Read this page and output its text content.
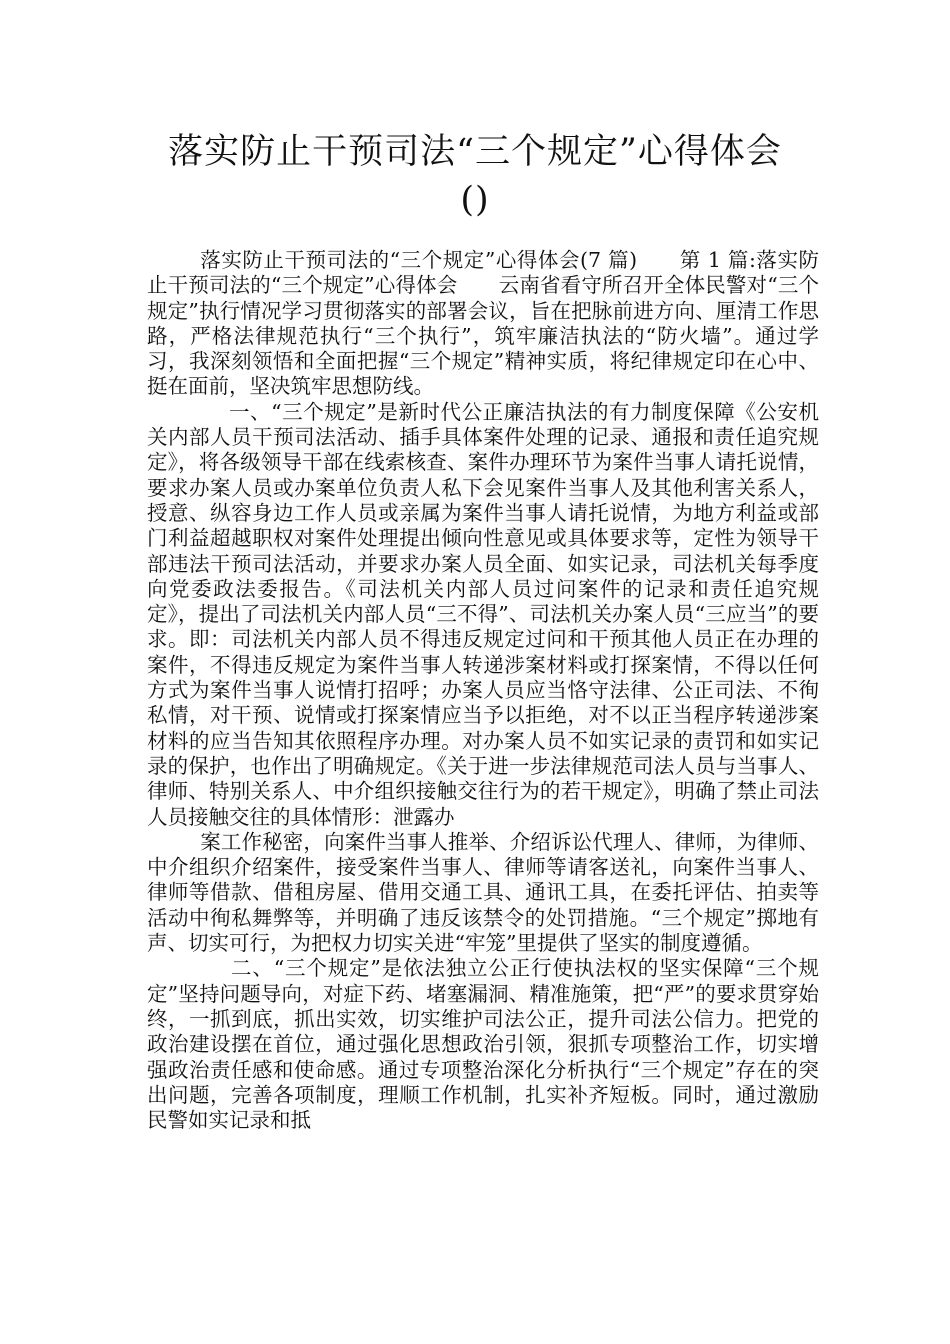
落实防止干预司法“三个规定”心得体会
()

落实防止干预司法的“三个规定”心得体会(7 篇)　　第 1 篇:落实防止干预司法的“三个规定”心得体会　　云南省看守所召开全体民警对“三个规定”执行情况学习贯彻落实的部署会议，旨在把脉前进方向、厘清工作思路，严格法律规范执行“三个执行”，筑牢廉洁执法的“防火墙”。通过学习，我深刻领悟和全面把握“三个规定”精神实质，将纪律规定印在心中、挺在面前，坚决筑牢思想防线。

一、“三个规定”是新时代公正廉洁执法的有力制度保障《公安机关内部人员干预司法活动、插手具体案件处理的记录、通报和责任追究规定》，将各级领导干部在线索核查、案件办理环节为案件当事人请托说情，要求办案人员或办案单位负责人私下会见案件当事人及其他利害关系人，授意、纵容身边工作人员或亲属为案件当事人请托说情，为地方利益或部门利益超越职权对案件处理提出倾向性意见或具体要求等，定性为领导干部违法干预司法活动，并要求办案人员全面、如实记录，司法机关每季度向党委政法委报告。《司法机关内部人员过问案件的记录和责任追究规定》，提出了司法机关内部人员“三不得”、司法机关办案人员“三应当”的要求。即：司法机关内部人员不得违反规定过问和干预其他人员正在办理的案件，不得违反规定为案件当事人转递涉案材料或打探案情，不得以任何方式为案件当事人说情打招呼；办案人员应当恪守法律、公正司法、不徇私情，对干预、说情或打探案情应当予以拒绝，对不以正当程序转递涉案材料的应当告知其依照程序办理。对办案人员不如实记录的责罚和如实记录的保护，也作出了明确规定。《关于进一步法律规范司法人员与当事人、律师、特别关系人、中介组织接触交往行为的若干规定》，明确了禁止司法人员接触交往的具体情形：泄露办

案工作秘密，向案件当事人推举、介绍诉讼代理人、律师，为律师、中介组织介绍案件，接受案件当事人、律师等请客送礼，向案件当事人、律师等借款、借租房屋、借用交通工具、通讯工具，在委托评估、拍卖等活动中徇私舞弊等，并明确了违反该禁令的处罚措施。“三个规定”掷地有声、切实可行，为把权力切实关进“牢笼”里提供了坚实的制度遵循。

二、“三个规定”是依法独立公正行使执法权的坚实保障“三个规定”坚持问题导向，对症下药、堵塞漏洞、精准施策，把“严”的要求贯穿始终，一抓到底，抓出实效，切实维护司法公正，提升司法公信力。把党的政治建设摆在首位，通过强化思想政治引领，狠抓专项整治工作，切实增强政治责任感和使命感。通过专项整治深化分析执行“三个规定”存在的突出问题，完善各项制度，理顺工作机制，扎实补齐短板。同时，通过激励民警如实记录和抵
